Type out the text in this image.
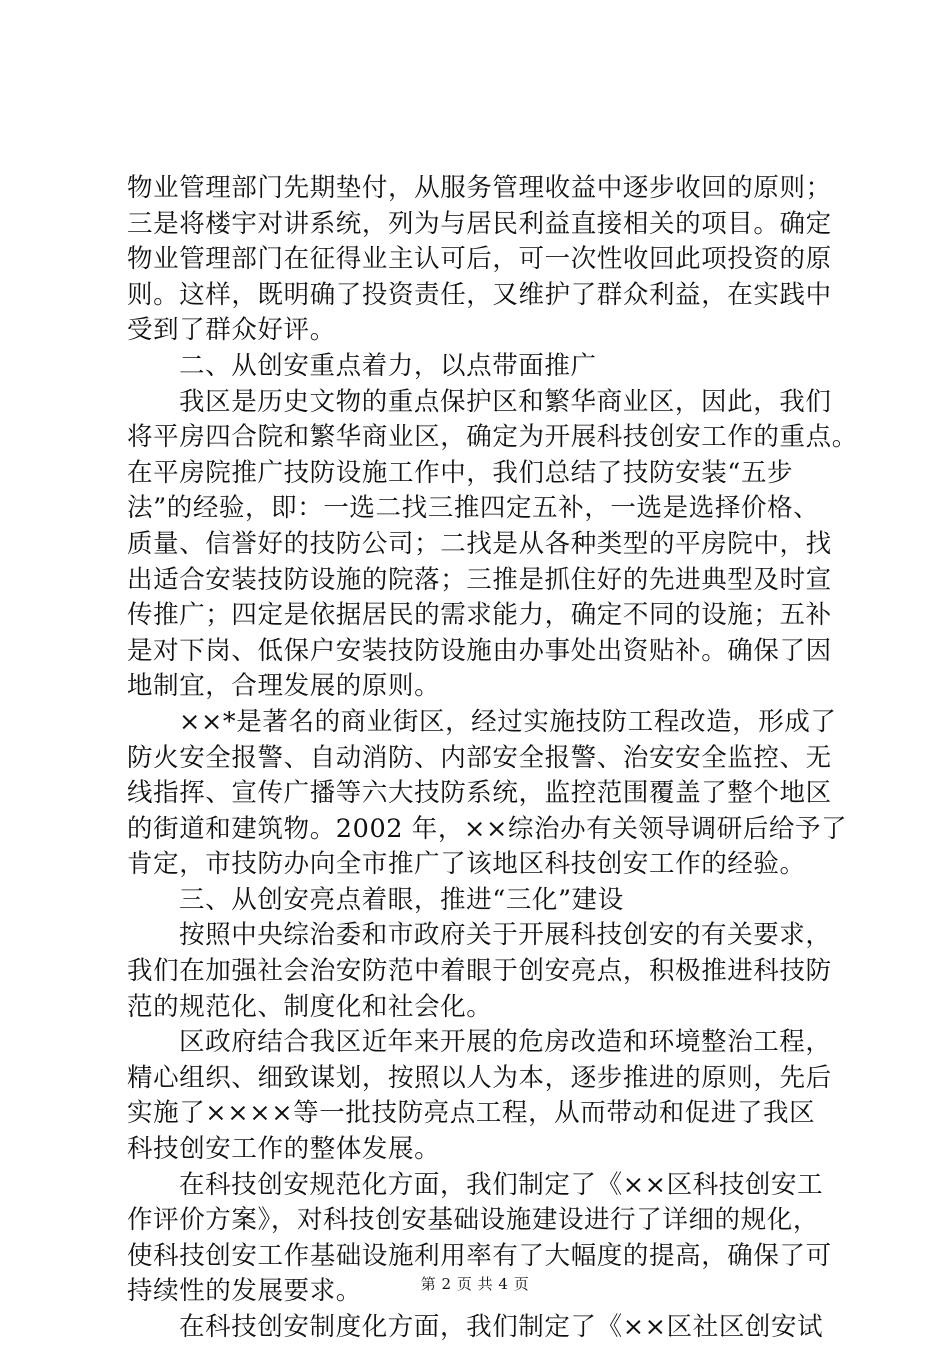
物业管理部门先期垫付，从服务管理收益中逐步收回的原则；
三是将楼宇对讲系统，列为与居民利益直接相关的项目。确定
物业管理部门在征得业主认可后，可一次性收回此项投资的原
则。这样，既明确了投资责任，又维护了群众利益，在实践中
受到了群众好评。
二、从创安重点着力，以点带面推广
我区是历史文物的重点保护区和繁华商业区，因此，我们
将平房四合院和繁华商业区，确定为开展科技创安工作的重点。
在平房院推广技防设施工作中，我们总结了技防安装“五步
法”的经验，即：一选二找三推四定五补，一选是选择价格、
质量、信誉好的技防公司；二找是从各种类型的平房院中，找
出适合安装技防设施的院落；三推是抓住好的先进典型及时宣
传推广；四定是依据居民的需求能力，确定不同的设施；五补
是对下岗、低保户安装技防设施由办事处出资贴补。确保了因
地制宜，合理发展的原则。
××*是著名的商业街区，经过实施技防工程改造，形成了
防火安全报警、自动消防、内部安全报警、治安安全监控、无
线指挥、宣传广播等六大技防系统，监控范围覆盖了整个地区
的街道和建筑物。2002 年，××综治办有关领导调研后给予了
肯定，市技防办向全市推广了该地区科技创安工作的经验。
三、从创安亮点着眼，推进“三化”建设
按照中央综治委和市政府关于开展科技创安的有关要求，
我们在加强社会治安防范中着眼于创安亮点，积极推进科技防
范的规范化、制度化和社会化。
区政府结合我区近年来开展的危房改造和环境整治工程，
精心组织、细致谋划，按照以人为本，逐步推进的原则，先后
实施了××××等一批技防亮点工程，从而带动和促进了我区
科技创安工作的整体发展。
在科技创安规范化方面，我们制定了《××区科技创安工
作评价方案》，对科技创安基础设施建设进行了详细的规化，
使科技创安工作基础设施利用率有了大幅度的提高，确保了可
持续性的发展要求。
在科技创安制度化方面，我们制定了《××区社区创安试
第 2 页 共 4 页
